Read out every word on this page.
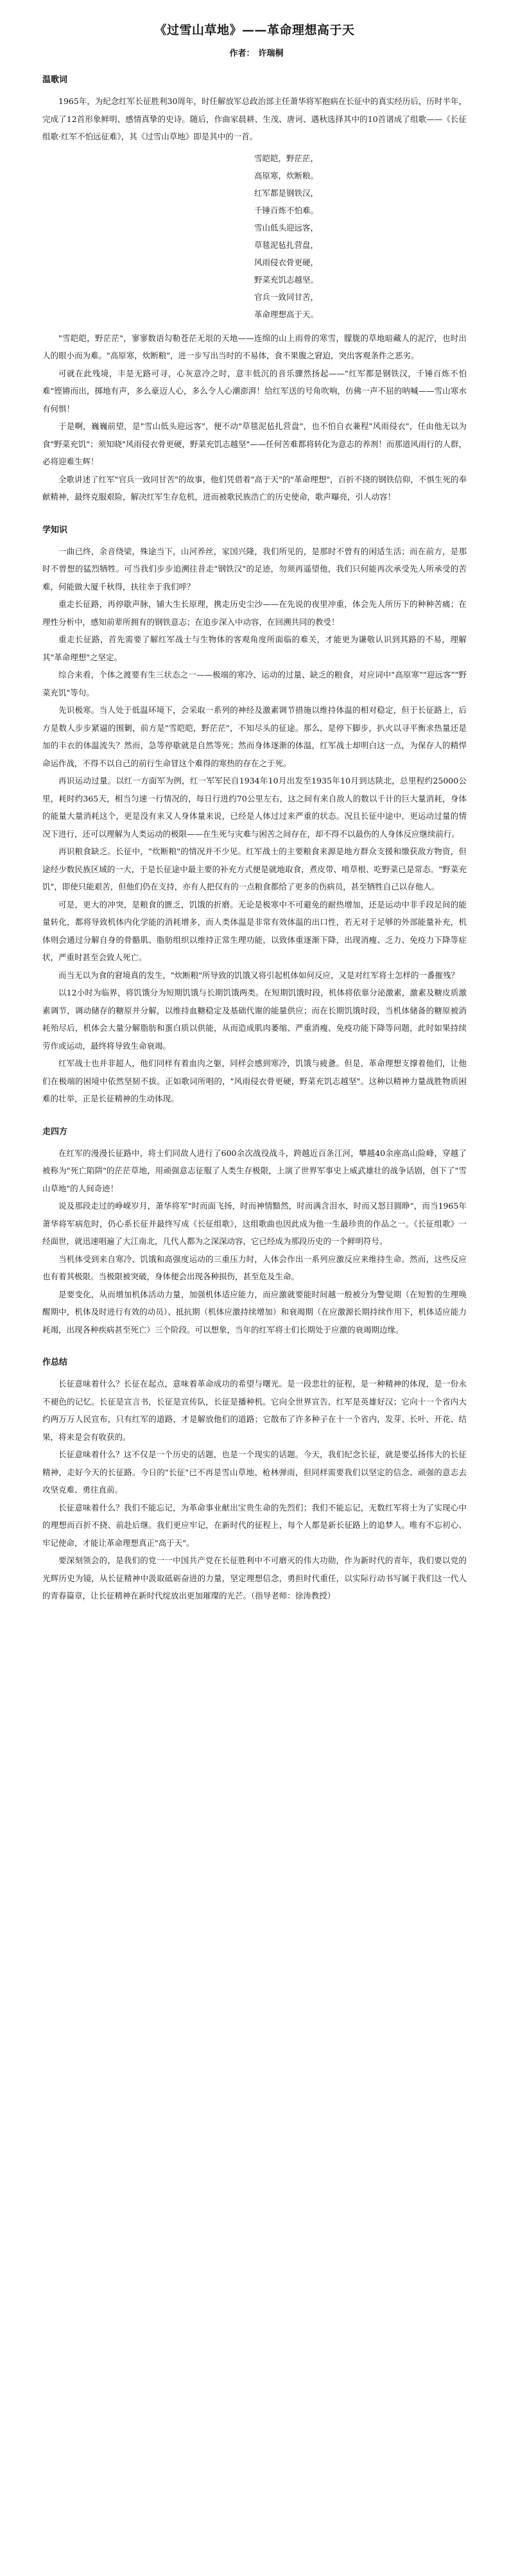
《过雪山草地》——革命理想高于天

作者： 许瑞桐

温歌词

1965年，为纪念红军长征胜利30周年，时任解放军总政治部主任萧华将军抱病在长征中的真实经历后，历时半年，完成了12首形象鲜明、感情真挚的史诗。随后，作曲家晨耕、生茂、唐诃、遇秋选择其中的10首谱成了组歌——《长征组歌·红军不怕远征难》，其《过雪山草地》即是其中的一首。

雪皑皑，野茫茫，

高原寒，炊断粮。

红军都是钢铁汉，

千锤百炼不怕难。

雪山低头迎远客，

草毯泥毡扎营盘，

风雨侵衣骨更硬，

野菜充饥志越坚。

官兵一致同甘苦，

革命理想高于天。

"雪皑皑，野茫茫"，寥寥数语勾勒苍茫无垠的天地——连绵的山上雨骨的寒雪，朦胧的草地暗藏人的泥泞，也时出人的眼小而为难。"高原寒，炊断粮"，进一步写出当时的不易体，食不果腹之窘迫，突出客观条件之恶劣。

可就在此残境，丰是无路可寻，心灰意冷之时，意丰低沉的音乐骤然扬起——"红军都是钢铁汉，千锤百炼不怕难"铿锵而出，掷地有声，多么豪迈人心，多么令人心潮澎湃！给红军送的号角吹响，仿佛一声不屈的呐喊——雪山寒水有何惧！

于是啊，巍巍前望，是"雪山低头迎远客"，便不动"草毯泥毡扎营盘"，也不怕自衣兼程"风雨侵衣"，任由他无以为食"野菜充饥"；须知晓"风雨侵衣骨更硬，野菜充饥志越坚"——任何苦难都将转化为意志的养剂！而那道风雨行的人群，必将迎难生辉！

全歌讲述了红军"官兵一致同甘苦"的故事，他们凭借着"高于天"的"革命理想"，百折不挠的钢铁信仰，不惧生死的奉献精神，最终克服艰险，解决红军生存危机，进而被歌民族浩亡的历史使命，歌声曝亮，引人动容！

学知识

一曲已终，余音绕梁，殊途当下，山河养丝，家国兴隆，我们所见的，是那时不曾有的闲适生活；而在前方，是那时不曾想的猛烈牺牲。可当我们步步追溯往昔走"钢铁汉"的足迹，勿须再遥望他，我们只何能再次承受先人所承受的苦难，何能做大厦千秋得，扶往幸于我们呼？

重走长征路，再停歇声脉，铺大生长原理，携走历史尘沙——在先说的夜里冲重，体会先人所历下的种种苦痛；在理性分析中，感知前辈所拥有的钢铁意志；在追步深入中动容，在回溯共同的教受！

重走长征路，首先需要了解红军战士与生物体的客观角度所面临的难关，才能更为谦敬认识到其路的不易，理解其"革命理想"之坚定。

综合来看，个体之渡要有生三状态之一——极端的寒冷、运动的过量、缺乏的粮食，对应词中"高原寒""迎远客""野菜充饥"等句。

先识极寒。当人处于低温环境下，会采取一系列的神经及激素调节措施以维持体温的相对稳定，但于长征路上，后方是数人步步紧逼的围剿，前方是"雪皑皑，野茫茫"，不知尽头的征途。那么，是停下脚步，扒火以寻平衡求热量还是加的丰衣的体温流失？然而，急等停歇就是自然等死；然而身体逐渐的体温，红军战士却明白这一点，为保存人的精悍命运作战，不得不以自己的前行生命冒这个难得的寒热的存在之于死。

再识运动过量。以红一方面军为例，红一军军民自1934年10月出发至1935年10月到达陕北，总里程约25000公里，耗时约365天，相当匀速一行情况的，每日行进约70公里左右，这之间有来自敌人的数以千计的巨大量消耗，身体的能量大量消耗这个，更是没有来又人身体量来说，已经是人体过过来严重的状态。况且长征中途中，更运动过量的情况下进行，还可以理解为人类运动的极限——在生死与灾难与困苦之间存在，却不得不以最伤的人身体反应继续前行。

再识粮食缺乏。长征中，"炊断粮"的情况并不少见。红军战士的主要粮食来源是地方群众支援和缴获敌方物资，但途经少数民族区域的一大，于是长征途中最主要的补充方式便是就地取食，煮皮带、啃草根、吃野菜已是常态。"野菜充饥"，即使只能艰苦，但他们仍在支持，亦有人把仅有的一点粮食都给了更多的伤病员，甚至牺牲自己以存他人。

可是，更大的冲突，是粮食的匮乏，饥饿的折磨。无论是极寒中不可避免的耐热增加，还是运动中非手段足间的能量转化，都将导致机体内化学能的消耗增多，而人类体温是非常有效体温的出口性，若无对于足够的外部能量补充，机体则会通过分解自身的骨骼肌、脂肪组织以维持正常生理功能，以致体重逐渐下降，出现消瘦、乏力、免疫力下降等症状，严重时甚至会致人死亡。

而当无以为食的窘境真的发生，"炊断粮"所导致的饥饿又将引起机体如何反应，又是对红军将士怎样的一番摧残？

以12小时为临界，将饥饿分为短期饥饿与长期饥饿两类。在短期饥饿时段，机体将依靠分泌激素，激素及糖皮质激素调节，调动储存的糖原并分解，以维持血糖稳定及基础代谢的能量供应；而在长期饥饿时段，当机体储备的糖原被消耗殆尽后，机体会大量分解脂肪和蛋白质以供能，从而造成肌肉萎缩、严重消瘦、免疫功能下降等问题，此时如果持续劳作或运动，最终将导致生命衰竭。

红军战士也并非超人，他们同样有着血肉之躯，同样会感到寒冷，饥饿与疲惫。但是，革命理想支撑着他们，让他们在极端的困境中依然坚韧不拔。正如歌词所唱的，"风雨侵衣骨更硬，野菜充饥志越坚"。这种以精神力量战胜物质困难的壮举，正是长征精神的生动体现。

走四方

在红军的漫漫长征路中，将士们同敌人进行了600余次战役战斗，跨越近百条江河，攀越40余座高山险峰，穿越了被称为"死亡陷阱"的茫茫草地，用顽强意志征服了人类生存极限，上演了世界军事史上威武雄壮的战争话剧，创下了"雪山草地"的人间奇迹！

说及那段走过的峥嵘岁月，萧华将军"时而面飞扬，时而神情黯然，时而满含泪水，时而又怒目圆睁"，而当1965年萧华将军病危时，仍心系长征并最终写成《长征组歌》，这组歌曲也因此成为他一生最珍贵的作品之一。《长征组歌》一经面世，就迅速唱遍了大江南北，几代人都为之深深动容，它已经成为那段历史的一个鲜明符号。

当机体受到来自寒冷、饥饿和高强度运动的三重压力时，人体会作出一系列应激反应来维持生命。然而，这些反应也有着其极限。当极限被突破，身体便会出现各种损伤，甚至危及生命。

是要变化，从而增加机体活动力量，加强机体适应能力，而应激就要能时间越一般被分为警觉期（在短暂的生理唤醒期中，机体及时进行有效的动员）、抵抗期（机体应激持续增加）和衰竭期（在应激源长期持续作用下，机体适应能力耗竭，出现各种疾病甚至死亡）三个阶段。可以想象，当年的红军将士们长期处于应激的衰竭期边缘。

作总结

长征意味着什么？长征在起点，意味着革命成功的希望与曙光。是一段悲壮的征程，是一种精神的体现，是一份永不褪色的记忆。长征是宣言书，长征是宣传队，长征是播种机。它向全世界宣告，红军是英雄好汉；它向十一个省内大约两万万人民宣布，只有红军的道路，才是解放他们的道路；它散布了许多种子在十一个省内，发芽、长叶、开花、结果，将来是会有收获的。

长征意味着什么？这不仅是一个历史的话题，也是一个现实的话题。今天，我们纪念长征，就是要弘扬伟大的长征精神，走好今天的长征路。今日的"长征"已不再是雪山草地、枪林弹雨，但同样需要我们以坚定的信念、顽强的意志去攻坚克难、勇往直前。

长征意味着什么？我们不能忘记，为革命事业献出宝贵生命的先烈们；我们不能忘记，无数红军将士为了实现心中的理想而百折不挠、前赴后继。我们更应牢记，在新时代的征程上，每个人都是新长征路上的追梦人。唯有不忘初心、牢记使命，才能让革命理想真正"高于天"。

要深刻领会的，是我们的党一一中国共产党在长征胜利中不可磨灭的伟大功勋，作为新时代的青年，我们要以党的光辉历史为镜，从长征精神中汲取砥砺奋进的力量，坚定理想信念，勇担时代重任，以实际行动书写属于我们这一代人的青春篇章，让长征精神在新时代绽放出更加璀璨的光芒。（指导老师：徐涛教授）
